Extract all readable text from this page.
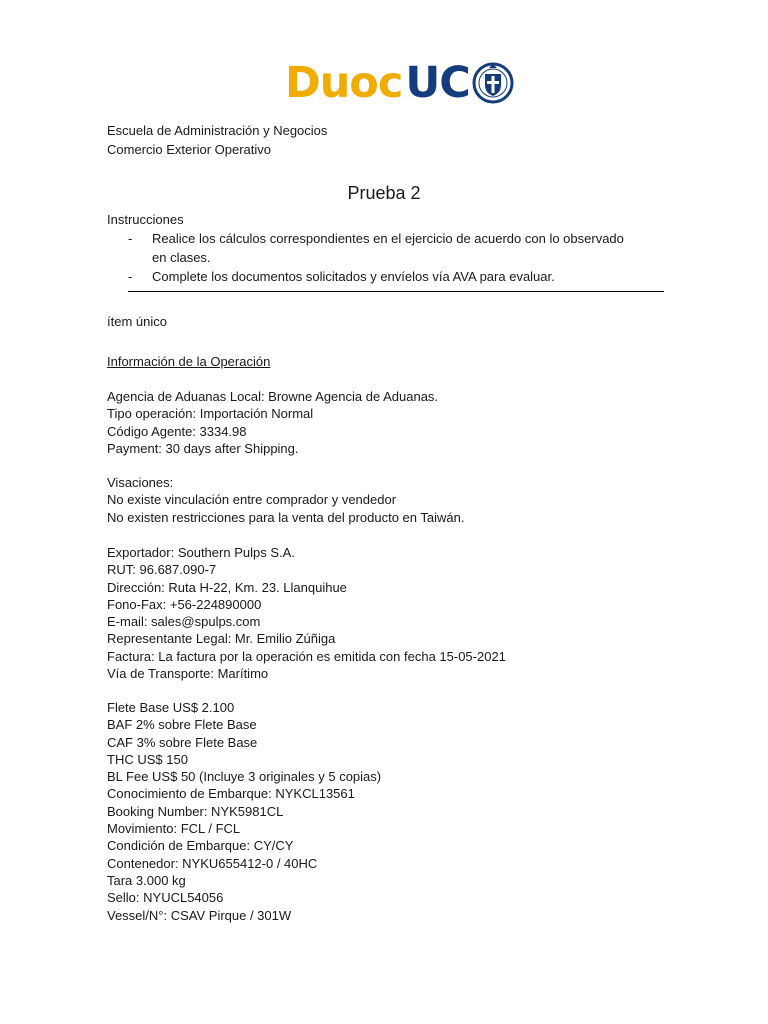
Duoc UC
Escuela de Administración y Negocios
Comercio Exterior Operativo
Prueba 2
Instrucciones
-	Realice los cálculos correspondientes en el ejercicio de acuerdo con lo observado en clases.
-	Complete los documentos solicitados y envíelos vía AVA para evaluar.
ítem único
Información de la Operación
Agencia de Aduanas Local: Browne Agencia de Aduanas.
Tipo operación: Importación Normal
Código Agente: 3334.98
Payment: 30 days after Shipping.
Visaciones:
No existe vinculación entre comprador y vendedor
No existen restricciones para la venta del producto en Taiwán.
Exportador: Southern Pulps S.A.
RUT: 96.687.090-7
Dirección: Ruta H-22, Km. 23. Llanquihue
Fono-Fax: +56-224890000
E-mail: sales@spulps.com
Representante Legal: Mr. Emilio Zúñiga
Factura: La factura por la operación es emitida con fecha 15-05-2021
Vía de Transporte: Marítimo
Flete Base US$ 2.100
BAF 2% sobre Flete Base
CAF 3% sobre Flete Base
THC US$ 150
BL Fee US$ 50 (Incluye 3 originales y 5 copias)
Conocimiento de Embarque: NYKCL13561
Booking Number: NYK5981CL
Movimiento: FCL / FCL
Condición de Embarque: CY/CY
Contenedor: NYKU655412-0 / 40HC
Tara 3.000 kg
Sello: NYUCL54056
Vessel/N°: CSAV Pirque / 301W
